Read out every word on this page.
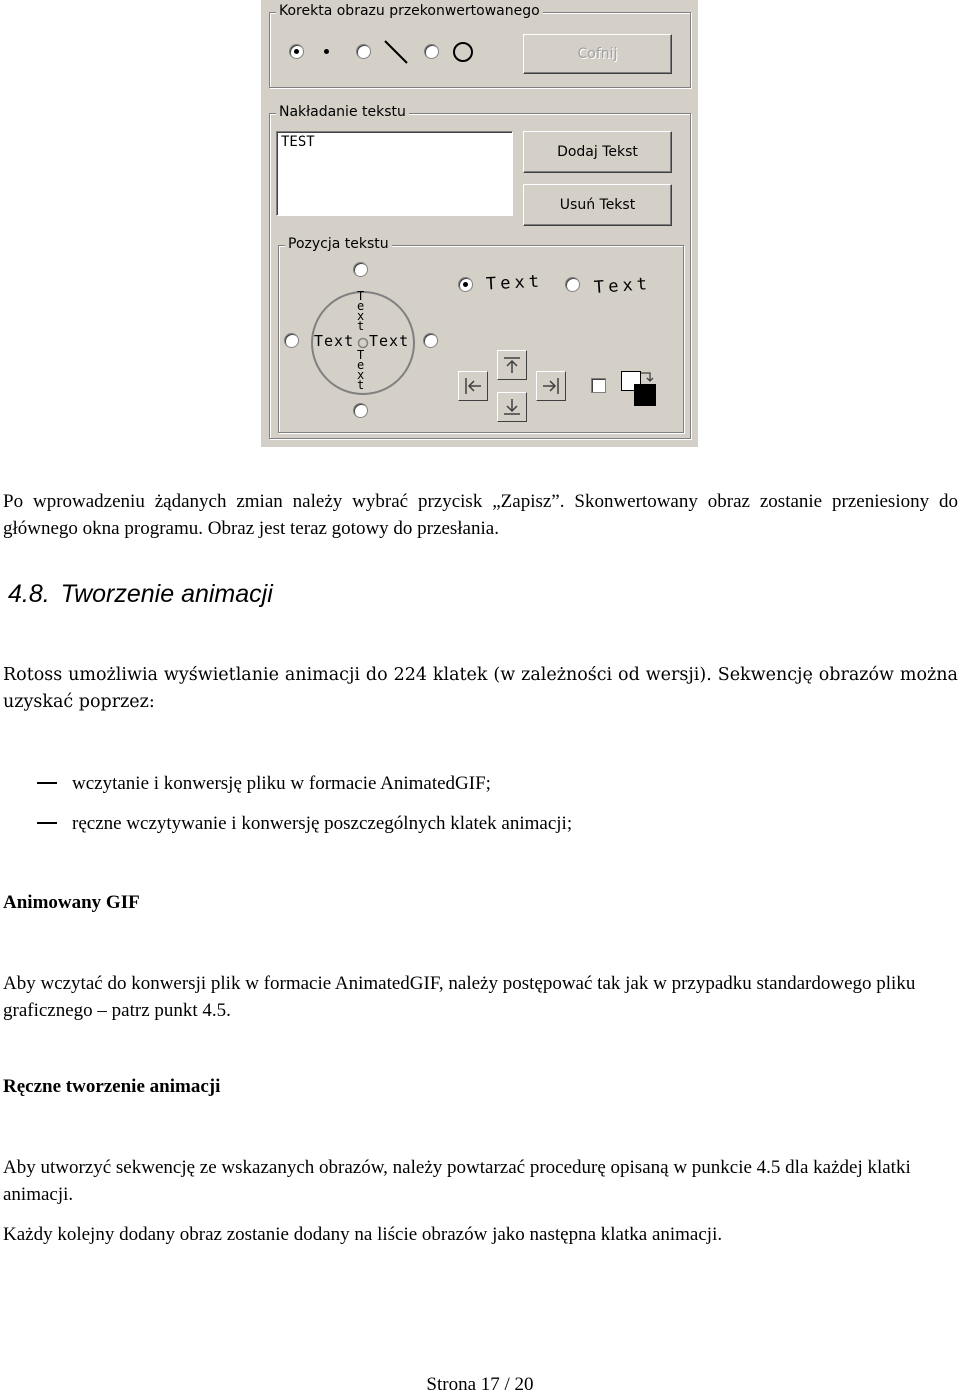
Korekta obrazu przekonwertowanego
Cofnij
Nakładanie tekstu
TEST
Dodaj Tekst
Usuń Tekst
Pozycja tekstu
Text Text
Text
Text
Text	Text
Po wprowadzeniu żądanych zmian należy wybrać przycisk „Zapisz”. Skonwertowany obraz zostanie przeniesiony do głównego okna programu. Obraz jest teraz gotowy do przesłania.
4.8. Tworzenie animacji
Rotoss umożliwia wyświetlanie animacji do 224 klatek (w zależności od wersji). Sekwencję obrazów można uzyskać poprzez:
wczytanie i konwersję pliku w formacie AnimatedGIF;
ręczne wczytywanie i konwersję poszczególnych klatek animacji;
Animowany GIF
Aby wczytać do konwersji plik w formacie AnimatedGIF, należy postępować tak jak w przypadku standardowego pliku graficznego – patrz punkt 4.5.
Ręczne tworzenie animacji
Aby utworzyć sekwencję ze wskazanych obrazów, należy powtarzać procedurę opisaną w punkcie 4.5 dla każdej klatki animacji.
Każdy kolejny dodany obraz zostanie dodany na liście obrazów jako następna klatka animacji.
Strona 17 / 20
